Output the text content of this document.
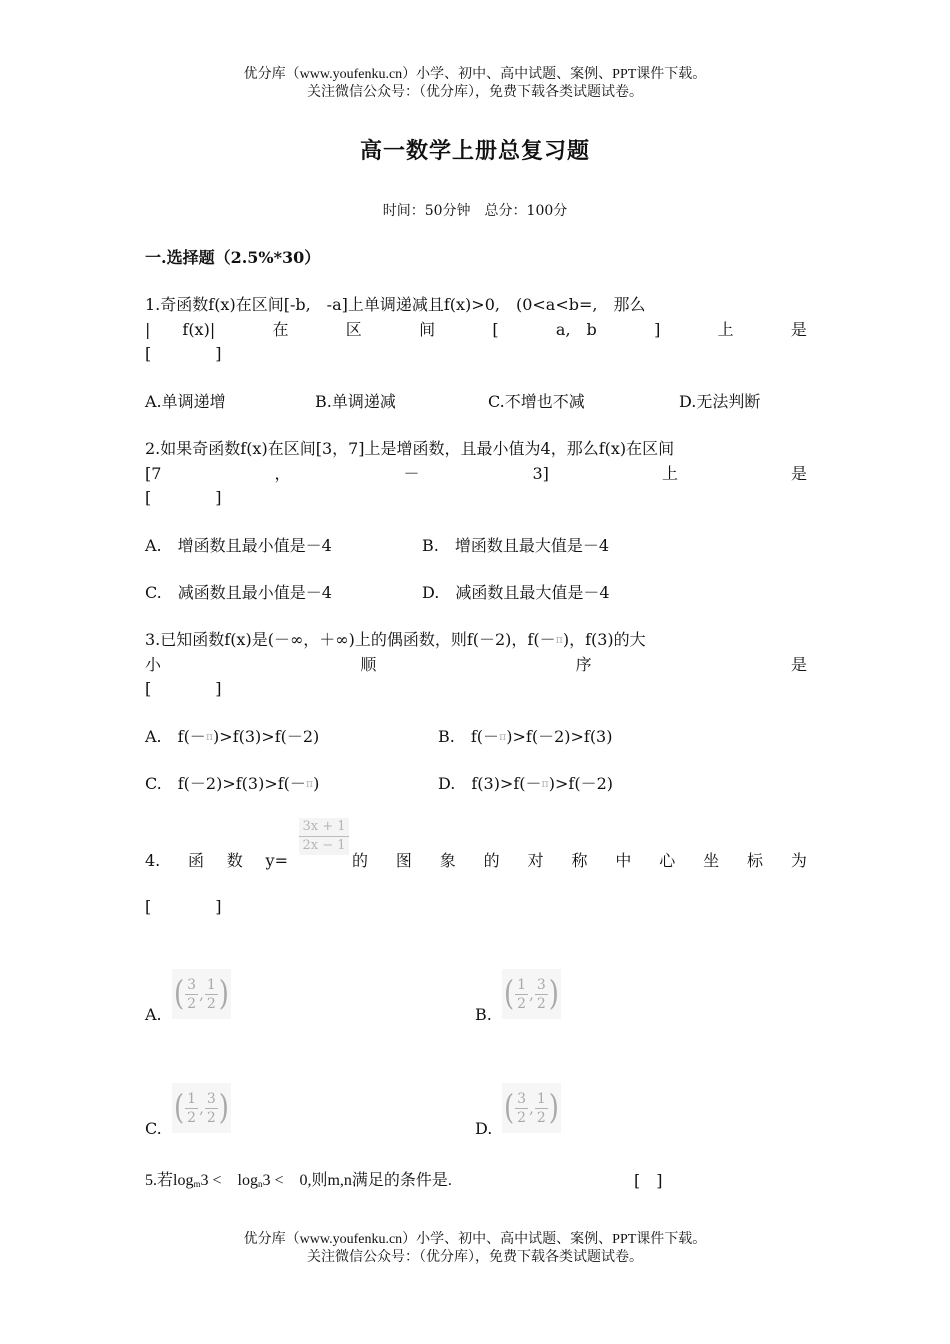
优分库（www.youfenku.cn）小学、初中、高中试题、案例、PPT课件下载。
关注微信公众号：（优分库），免费下载各类试题试卷。
高一数学上册总复习题
时间：50分钟　总分：100分
一.选择题（2.5%*30）
1.奇函数f(x)在区间[-b,　-a]上单调递减且f(x)>0,　(0<a<b=,　那么
|　　f(x)|	在	区	间	[	a,　b	]	上	是
[　　　　]
A.单调递增	B.单调递减	C.不增也不减	D.无法判断
2.如果奇函数f(x)在区间[3，7]上是增函数，且最小值为4，那么f(x)在区间
[7	，	－	3]	上	是
[　　　　]
A.　增函数且最小值是－4	B.　增函数且最大值是－4
C.　减函数且最小值是－4	D.　减函数且最大值是－4
3.已知函数f(x)是(－∞，＋∞)上的偶函数，则f(－2)，f(－π)，f(3)的大
小	顺	序	是
[　　　　]
A.　f(－π)>f(3)>f(－2)	B.　f(－π)>f(－2)>f(3)
C.　f(－2)>f(3)>f(－π)	D.　f(3)>f(－π)>f(－2)
$\frac{3x + 1}{2x - 1}$
4. 函 数 y=	的 图 象 的 对 称 中 心 坐 标 为
[　　　　]
A.
( 3
2
,
1
2 )
B.
( 1
2
,
3
2 )
C.
( 1
2
,
3
2 )
D.
( 3
2
,
1
2 )
5.若logm3 <　logn3 <　0,则m,n满足的条件是.	[　]
优分库（www.youfenku.cn）小学、初中、高中试题、案例、PPT课件下载。
关注微信公众号：（优分库），免费下载各类试题试卷。
